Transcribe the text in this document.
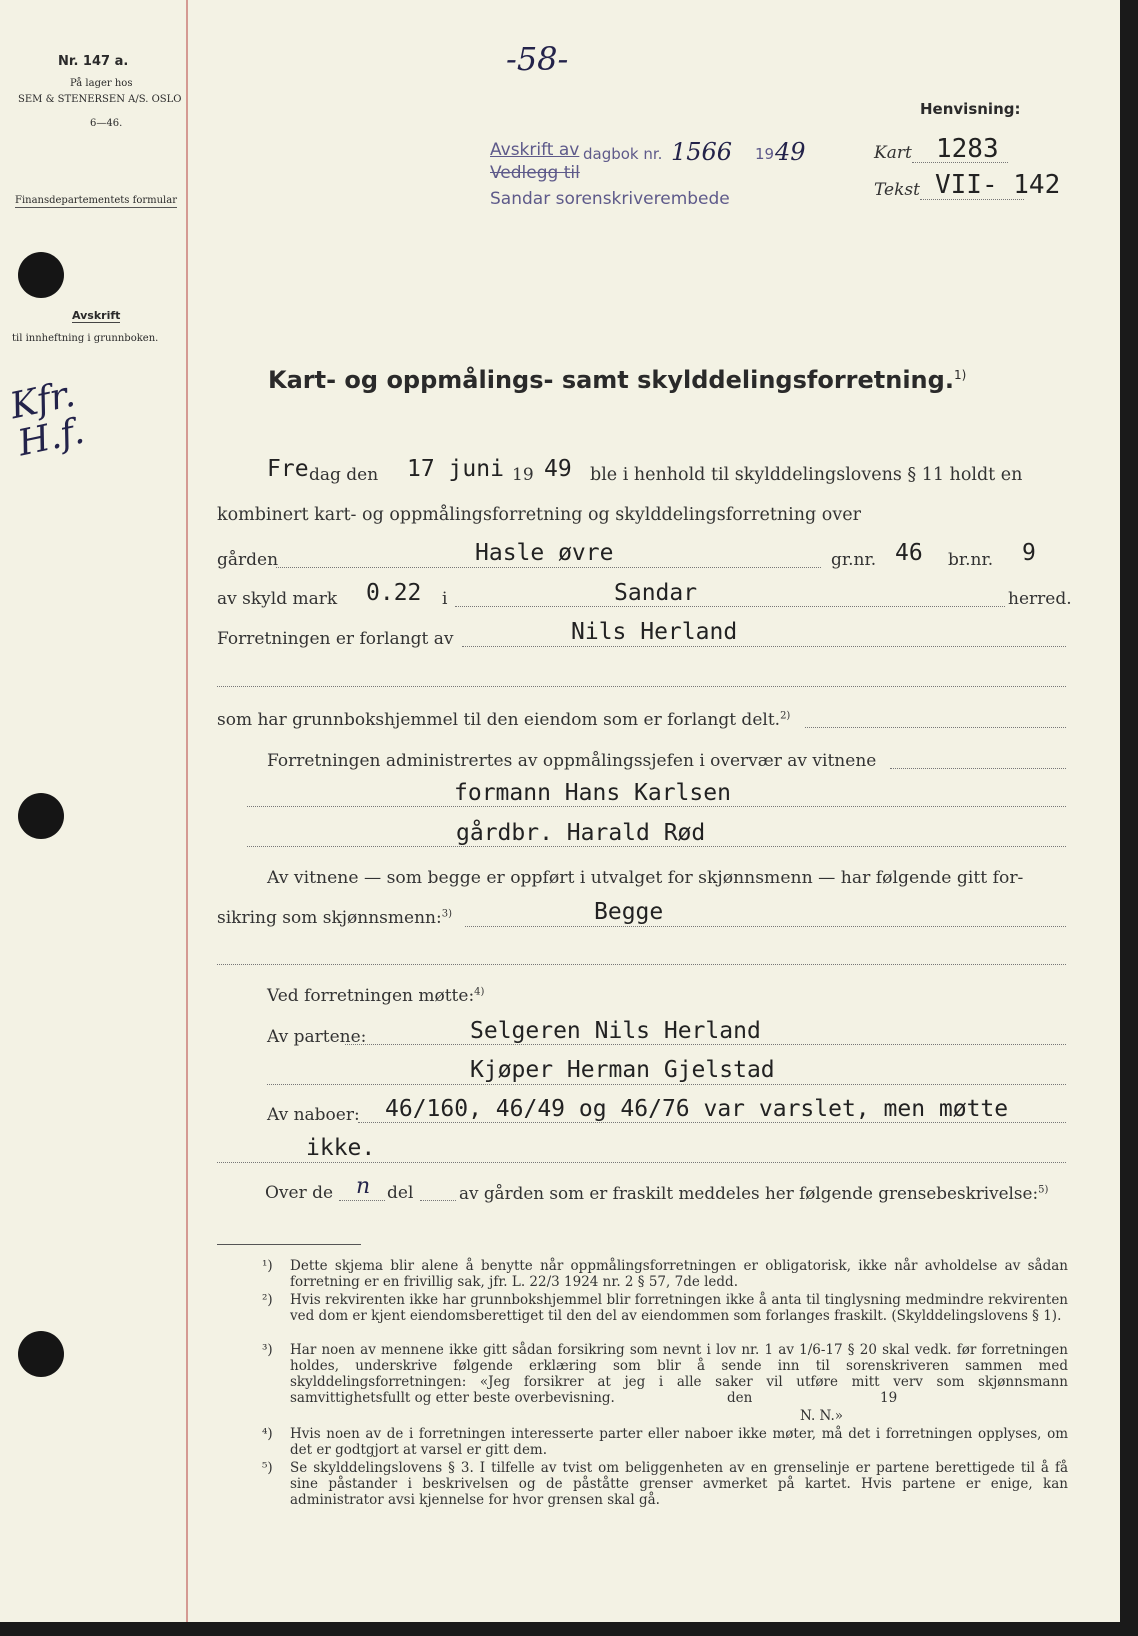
Nr. 147 a.
På lager hos
SEM & STENERSEN A/S. OSLO
6—46.
Finansdepartementets formular
Avskrift
til innheftning i grunnboken.
Kfr. H.f.
-58-
Avskrift av dagbok nr. 1566 19 49
Vedlegg til
Sandar sorenskriverembede
Henvisning:
Kart 1283
Tekst VII- 142
Kart- og oppmålings- samt skylddelingsforretning.$^{1)}$
Fre dag den 17 juni 19 49 ble i henhold til skylddelingslovens § 11 holdt en
kombinert kart- og oppmålingsforretning og skylddelingsforretning over
gården	Hasle øvre	gr.nr. 46 br.nr. 9
av skyld mark 0.22 i	Sandar	herred.
Forretningen er forlangt av	Nils Herland
som har grunnbokshjemmel til den eiendom som er forlangt delt.$^{2)}$
Forretningen administrertes av oppmålingssjefen i overvær av vitnene
formann Hans Karlsen
gårdbr. Harald Rød
Av vitnene — som begge er oppført i utvalget for skjønnsmenn — har følgende gitt for-
sikring som skjønnsmenn:$^{3)}$	Begge
Ved forretningen møtte:$^{4)}$
Av partene:	Selgeren Nils Herland
Kjøper Herman Gjelstad
Av naboer: 46/160, 46/49 og 46/76 var varslet, men møtte
ikke.
Over de n del	av gården som er fraskilt meddeles her følgende grensebeskrivelse:$^{5)}$
¹) Dette skjema blir alene å benytte når oppmålingsforretningen er obligatorisk, ikke når avholdelse av sådan forretning er en frivillig sak, jfr. L. 22/3 1924 nr. 2 § 57, 7de ledd.
²) Hvis rekvirenten ikke har grunnbokshjemmel blir forretningen ikke å anta til tinglysning medmindre rekvirenten ved dom er kjent eiendomsberettiget til den del av eiendommen som forlanges fraskilt. (Skylddelingslovens § 1).
³) Har noen av mennene ikke gitt sådan forsikring som nevnt i lov nr. 1 av 1/6-17 § 20 skal vedk. før forretningen holdes, underskrive følgende erklæring som blir å sende inn til sorenskriveren sammen med skylddelingsforretningen: «Jeg forsikrer at jeg i alle saker vil utføre mitt verv som skjønnsmann samvittighetsfullt og etter beste overbevisning.	den	19
N. N.»
⁴) Hvis noen av de i forretningen interesserte parter eller naboer ikke møter, må det i forretningen opplyses, om det er godtgjort at varsel er gitt dem.
⁵) Se skylddelingslovens § 3. I tilfelle av tvist om beliggenheten av en grenselinje er partene berettigede til å få sine påstander i beskrivelsen og de påståtte grenser avmerket på kartet. Hvis partene er enige, kan administrator avsi kjennelse for hvor grensen skal gå.
